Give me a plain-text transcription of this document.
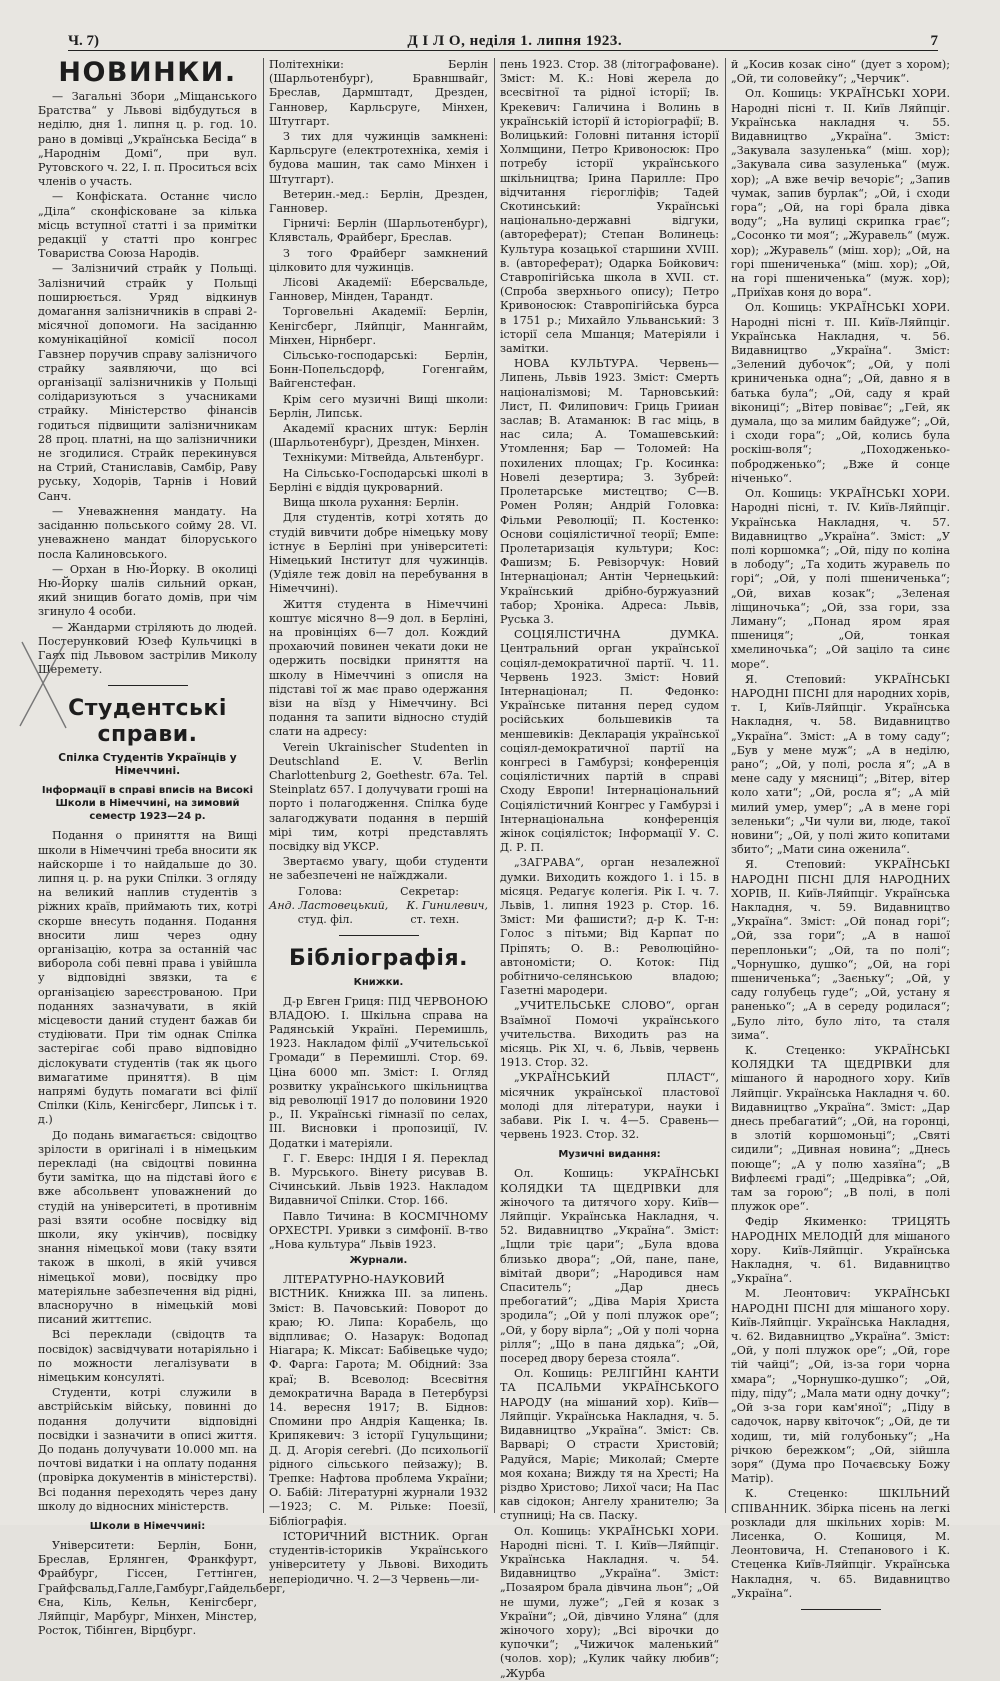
Ч. 7)	Д І Л О, неділя 1. липня 1923.	7
НОВИНКИ.

— Загальні Збори „Міщанського Братства“ у Львові відбудуться в неділю, дня 1. липня ц. р. год. 10. рано в домівці „Українська Бесіда“ в „Народнім Домі“, при вул. Рутовского ч. 22, І. п. Проситься всіх членів о участь.

— Конфіската. Останнє число „Діла“ сконфісковане за кілька місць вступної статті і за примітки редакції у статті про конгрес Товариства Союза Народів.

— Залізничий страйк у Польщі. Залізничий страйк у Польщі поширюється. Уряд відкинув домагання залізничників в справі 2-місячної допомоги. На засіданню комунікаційної комісії посол Гавзнер поручив справу залізничого страйку заявляючи, що всі організації залізничників у Польщі солідаризуються з учасниками страйку. Міністерство фінансів годиться підвищити залізничникам 28 проц. платні, на що залізничники не згодилися. Страйк перекинувся на Стрий, Станиславів, Самбір, Раву руську, Ходорів, Тарнів і Новий Санч.

— Уневажнення мандату. На засіданню польського сойму 28. VI. уневажнено мандат білоруського посла Калиновського.

— Орхан в Ню-Йорку. В околиці Ню-Йорку шалів сильний оркан, який знищив богато домів, при чім згинуло 4 особи.

— Жандарми стріляють до людей. Постерунковий Юзеф Кульчицкі в Гаях під Львовом застрілив Миколу Шеремету.

Студентські справи.
Спілка Студентів Українців у Німеччині.
Інформації в справі вписів на Високі Школи в Німеччині, на зимовий семестр 1923—24 р.

Подання о приняття на Вищі школи в Німеччині треба вносити як найскорше і то найдальше до 30. липня ц. р. на руки Спілки. З огляду на великий наплив студентів з ріжних країв, приймають тих, котрі скорше внесуть подання. Подання вносити лиш через одну організацію, котра за останній час виборола собі певні права і увійшла у відповідні звязки, та є організацією зареєстрованою. При поданнях зазначувати, в якій місцевости даний студент бажав би студіювати. При тім однак Спілка застерігає собі право відповідно діслокувати студентів (так як цього вимагатиме приняття). В цім напрямі будуть помагати всі філії Спілки (Кіль, Кенігсберг, Липськ і т. д.)

До подань вимагається: свідоцтво зрілости в оригіналі і в німецьким перекладі (на свідоцтві повинна бути замітка, що на підставі його є вже абсольвент уповажнений до студій на університеті, в противнім разі взяти особне посвідку від школи, яку укінчив), посвідку знання німецької мови (таку взяти також в школі, в якій учився німецької мови), посвідку про матеріяльне забезпечення від рідні, власноручно в німецькій мові писаний життєпис.

Всі переклади (свідоцтв та посвідок) засвідчувати нотаріяльно і по можности легалізувати в німецьким консуляті.

Студенти, котрі служили в австрійськім війську, повинні до подання долучити відповідні посвідки і зазначити в описі життя. До подань долучувати 10.000 мп. на почтові видатки і на оплату подання (провірка документів в міністерстві). Всі подання переходять через данy школу до відносних міністерств.

Школи в Німеччині:

Університети: Берлін, Бонн, Бреслав, Ерлянген, Франкфурт, Фрайбург, Гіссен, Геттінген, Грайфсвальд,Галле,Гамбург,Гайдельберг, Єна, Кіль, Кельн, Кенігсберг, Ляйпціг, Марбург, Мінхен, Мінстер, Росток, Тібінген, Вірцбург.

Політехніки: Берлін (Шарльотенбург), Бравншвайг, Бреслав, Дармштадт, Дрезден, Ганновер, Карльсруге, Мінхен, Штутгарт.

З тих для чужинців замкнені: Карльсруге (електротехніка, хемія і будова машин, так само Мінхен і Штутгарт).

Ветерин.-мед.: Берлін, Дрезден, Ганновер.

Гірничі: Берлін (Шарльотенбург), Клявсталь, Фрайберг, Бреслав.

З того Фрайберг замкнений цілковито для чужинців.

Лісові Академії: Еберсвальде, Ганновер, Мінден, Тарандт.

Торговельні Академії: Берлін, Кенігсберг, Ляйпціг, Маннгайм, Мінхен, Нірнберг.

Сільсько-господарські: Берлін, Бонн-Попельсдорф, Гогенгайм, Вайгенстефан.

Крім сего музичні Вищі школи: Берлін, Липськ.

Академії красних штук: Берлін (Шарльотенбург), Дрезден, Мінхен.

Технікуми: Мітвейда, Альтенбург.

На Сільсько-Господарські школі в Берліні є віддія цукроварний.

Вища школа рухання: Берлін.

Для студентів, котрі хотять до студій вивчити добре німецьку мову істнує в Берліні при університеті: Німецький Інститут для чужинців. (Удіяле теж довіл на перебування в Німеччині).

Життя студента в Німеччині коштує місячно 8—9 дол. в Берліні, на провінціях 6—7 дол. Кождий прохаючий повинен чекати доки не одержить посвідки приняття на школу в Німеччині з описля на підставі тої ж має право одержання візи на вїзд у Німеччину. Всі подання та запити відносно студій слати на адресу:

Verein Ukrainischer Studenten in Deutschland E. V. Berlin Charlottenburg 2, Goethestr. 67a. Tel. Steinplatz 657. І долучувати гроші на порто і полагодження. Спілка буде залагоджувати подання в першій мірі тим, котрі представлять посвідку від УКСР.

Звертаємо увагу, щоби студенти не забезпечені не наїжджали.

Голова:	Секретар:
Анд. Ластовецький, К. Гинилевич,
студ. філ.	ст. техн.
Бібліографія.
Книжки.

Д-р Евген Гриця: ПІД ЧЕРВОНОЮ ВЛАДОЮ. І. Шкільна справа на Радянській Україні. Перемишль, 1923. Накладом філії „Учительської Громади“ в Перемишлі. Стор. 69. Ціна 6000 мп. Зміст: І. Огляд розвитку українського шкільництва від революції 1917 до половини 1920 р., ІІ. Українські гімназії по селах, ІІІ. Висновки і пропозиції, IV. Додатки і матеріяли.

Г. Г. Еверс: ІНДІЯ І Я. Переклад В. Мурського. Вінету рисував В. Січинський. Львів 1923. Накладом Видавничої Спілки. Стор. 166.

Павло Тичина: В КОСМІЧНОМУ ОРХЕСТРІ. Уривки з симфонії. В-тво „Нова культура“ Львів 1923.

Журнали.

ЛІТЕРАТУРНО-НАУКОВИЙ ВІСТНИК. Книжка ІІІ. за липень. Зміст: В. Пачовський: Поворот до краю; Ю. Липа: Корабель, що відпливає; О. Назарук: Водопад Ніагара; К. Міксат: Бабівецьке чудо; Ф. Фарга: Гарота; М. Обідний: Зза краї; В. Всеволод: Всесвітня демократична Варада в Петербурзі 14. вересня 1917; В. Біднов: Спомини про Андрія Кащенка; Ів. Крипякевич: З історії Гуцульщини; Д. Д. Агорія cerebri. (До психольогії рідного сільського пейзажу); В. Трепке: Нафтова проблема України; О. Бабій: Літературні журнали 1932—1923; С. М. Рільке: Поезії, Бібліографія.

ІСТОРИЧНИЙ ВІСТНИК. Орган студентів-істориків Українського університету у Львові. Виходить неперіодично. Ч. 2—3 Червень—ли-

пень 1923. Стор. 38 (літографоване). Зміст: М. К.: Нові жерела до всесвітної та рідної історії; Ів. Крекевич: Галичина і Волинь в українській історії й історіографії; В. Волицький: Головні питання історії Холмщини, Петро Кривоносюк: Про потребу історії українського шкільництва; Ірина Парилле: Про відчитання гієрогліфів; Тадей Скотинський: Українські національно-державні відгуки, (автореферат); Степан Волинець: Культура козацької старшини XVIII. в. (автореферат); Одарка Бойкович: Ставропігійська школа в XVII. ст. (Спроба зверхнього опису); Петро Кривоносюк: Ставропігійська бурса в 1751 р.; Михайло Ульванський: З історії села Мшанця; Матеріяли і замітки.

НОВА КУЛЬТУРА. Червень—Липень, Львів 1923. Зміст: Смерть націоналізмові; М. Тарновський: Лист, П. Филипович: Гриць Грииан заслав; В. Атаманюк: В гас міць, в нас сила; А. Томашевський: Утомлення; Бар — Толомей: На похилених площах; Гр. Косинка: Новелі дезертира; З. Зубрей: Пролетарське мистецтво; С—В. Ромен Ролян; Андрій Головка: Фільми Революції; П. Костенко: Основи соціялістичної теорії; Емпе: Пролетаризація культури; Кос: Фашизм; Б. Ревізорчук: Новий Інтернаціонал; Антін Чернецький: Український дрібно-буржуазний табор; Хроніка. Адреса: Львів, Руська 3.

СОЦІЯЛІСТИЧНА ДУМКА. Центральний орган української соціял-демократичної партії. Ч. 11. Червень 1923. Зміст: Новий Інтернаціонал; П. Федонко: Українське питання перед судом російських большевиків та меншевиків: Декларація української соціял-демократичної партії на конгресі в Гамбурзі; конференція соціялістичних партій в справі Сходу Европи! Інтернаціональний Соціялістичний Конгрес у Гамбурзі і Інтернаціональна конференція жінок соціялісток; Інформації У. С. Д. Р. П.

„ЗАГРАВА“, орган незалежної думки. Виходить кождого 1. і 15. в місяця. Редагує колегія. Рік І. ч. 7. Львів, 1. липня 1923 р. Стор. 16. Зміст: Ми фашисти?; д-р К. Т-н: Голос з пітьми; Від Карпат по Пріпять; О. В.: Революційно-автономісти; О. Коток: Під робітничо-селянською владою; Газетні мародери.

„УЧИТЕЛЬСЬКЕ СЛОВО“, орган Взаїмної Помочі українського учительства. Виходить раз на місяць. Рік XI, ч. 6, Львів, червень 1913. Стор. 32.

„УКРАЇНСЬКИЙ ПЛАСТ“, місячник української пластової молоді для літератури, науки і забави. Рік І. ч. 4—5. Сравень—червень 1923. Стор. 32.

Музичні видання:

Ол. Кошиць: УКРАЇНСЬКІ КОЛЯДКИ ТА ЩЕДРІВКИ для жіночого та дитячого хору. Київ—Ляйпціг. Українська Накладня, ч. 52. Видавництво „Україна“. Зміст: „Іщли трiє цари“; „Була вдова близько двора“; „Ой, пане, пане, вімітай двори“; „Народився нам Спаситель“; „Дар днесь пребогатий“; „Діва Марія Христа зродила“; „Ой у полі плужок оре“; „Ой, у бору вірла“; „Ой у полі чорна рілля“; „Що в пана дядька“; „Ой, посеред двору береза стояла“.

Ол. Кошиць: РЕЛІГІЙНІ КАНТИ ТА ПСАЛЬМИ УКРАЇНСЬКОГО НАРОДУ (на мішаний хор). Київ—Ляйпціг. Українська Накладня, ч. 5. Видавництво „Україна“. Зміст: Св. Варварі; О страсти Христовій; Радуйся, Маріє; Миколай; Смерте моя кохана; Вижду тя на Хресті; На різдво Христово; Лихої часи; На Пас кав сідокон; Ангелу хранителю; За ступниці; На св. Паску.

Ол. Кошиць: УКРАЇНСЬКІ ХОРИ. Народні пісні. Т. І. Київ—Ляйпціг. Українська Накладня. ч. 54. Видавництво „Україна“. Зміст: „Позаяром брала дівчина льон“; „Ой не шуми, луже“; „Гей я козак з України“; „Ой, дівчино Уляна“ (для жіночого хору); „Всі вірочки до купочки“; „Чижичок маленький“ (чолов. хор); „Кулик чайку любив“; „Журба

й „Косив козак сіно“ (дует з хором); „Ой, ти соловейку“; „Черчик“.

Ол. Кошиць: УКРАЇНСЬКІ ХОРИ. Народні пісні т. ІІ. Київ Ляйпціг. Українська накладня ч. 55. Видавництво „Україна“. Зміст: „Закувала зазуленька“ (міш. хор); „Закувала сива зазуленька“ (муж. хор); „А вже вечір вечоріє“; „Запив чумак, запив бурлак“; „Ой, і сходи гора“; „Ой, на горі брала дівка воду“; „На вулиці скрипка грає“; „Сосонко ти моя“; „Журавель“ (муж. хор); „Журавель“ (міш. хор); „Ой, на горі пшениченька“ (міш. хор); „Ой, на горі пшениченька“ (муж. хор); „Приїхав коня до вора“.

Ол. Кошиць: УКРАЇНСЬКІ ХОРИ. Народні пісні т. ІІІ. Київ-Ляйпціг. Українська Накладня, ч. 56. Видавництво „Україна“. Зміст: „Зелений дубочок“; „Ой, у полі криниченька одна“; „Ой, давно я в батька була“; „Ой, саду я край вікониці“; „Вітер повіває“; „Гей, як думала, що за милим байдуже“; „Ой, і сходи гора“; „Ой, колись була роскіш-воля“; „Походженько-побродженько“; „Вже й сонце ніченько“.

Ол. Кошиць: УКРАЇНСЬКІ ХОРИ. Народні пісні, т. IV. Київ-Ляйпціг. Українська Накладня, ч. 57. Видавництво „Україна“. Зміст: „У полі коршомка“; „Ой, піду по коліна в лободу“; „Та ходить журавель по горі“; „Ой, у полі пшениченька“; „Ой, вихав козак“; „Зеленая ліщиночька“; „Ой, зза гори, зза Лиману“; „Понад яром ярая пшениця“; „Ой, тонкая хмелиночька“; „Ой заціло та синє море“.

Я. Степовий: УКРАЇНСЬКІ НАРОДНІ ПІСНІ для народних хорів, т. І, Київ-Ляйпціг. Українська Накладня, ч. 58. Видавництво „Україна“. Зміст: „А в тому саду“; „Був у мене муж“; „А в неділю, рано“; „Ой, у полі, росла я“; „А в мене саду у мясниці“; „Вітер, вітер коло хати“; „Ой, росла я“; „А мій милий умер, умер“; „А в мене горі зеленьки“; „Чи чули ви, люде, такої новини“; „Ой, у полі жито копитами збито“; „Мати сина оженила“.

Я. Степовий: УКРАЇНСЬКІ НАРОДНІ ПІСНІ ДЛЯ НАРОДНИХ ХОРІВ, ІІ. Київ-Ляйпціг. Українська Накладня, ч. 59. Видавництво „Україна“. Зміст: „Ой понад горі“; „Ой, зза гори“; „А в нашої переплоньки“; „Ой, та по полі“; „Чорнушко, душко“; „Ой, на горі пшениченька“; „Заєньку“; „Ой, у саду голубець гуде“; „Ой, устану я раненько“; „А в середу родилася“; „Було літо, було літо, та сталя зима“.

К. Стеценко: УКРАЇНСЬКІ КОЛЯДКИ ТА ЩЕДРІВКИ для мішаного й народного хору. Київ Ляйпціг. Українська Накладня ч. 60. Видавництво „Україна“. Зміст: „Дар днесь пребагатий“; „Ой, на горонці, в злотій коршомоньці“; „Святі сидили“; „Дивная новина“; „Днесь поюще“; „А у полю хазяїна“; „В Вифлеємі граді“; „Щедрівка“; „Ой, там за горою“; „В полі, в полі плужок оре“.

Федір Якименко: ТРИЦЯТЬ НАРОДНІХ МЕЛОДІЙ для мішаного хору. Київ-Ляйпціг. Українська Накладня, ч. 61. Видавництво „Україна“.

М. Леонтович: УКРАЇНСЬКІ НАРОДНІ ПІСНІ для мішаного хору. Київ-Ляйпціг. Українська Накладня, ч. 62. Видавництво „Україна“. Зміст: „Ой, у полі плужок оре“; „Ой, горе тій чайці“; „Ой, із-за гори чорна хмара“; „Чорнушко-душко“; „Ой, піду, піду“; „Мала мати одну дочку“; „Ой з-за гори кам'яної“; „Піду в садочок, нарву квіточок“; „Ой, де ти ходиш, ти, мій голубоньку“; „На річкою бережком“; „Ой, зійшла зоря“ (Дума про Почаєвську Божу Матір).

К. Стеценко: ШКІЛЬНИЙ СПІВАННИК. Збірка пісень на легкі розклади для шкільних хорів: М. Лисенка, О. Кошиця, М. Леонтовича, Н. Степанового і К. Стеценка Київ-Ляйпціг. Українська Накладня, ч. 65. Видавництво „Україна“.
